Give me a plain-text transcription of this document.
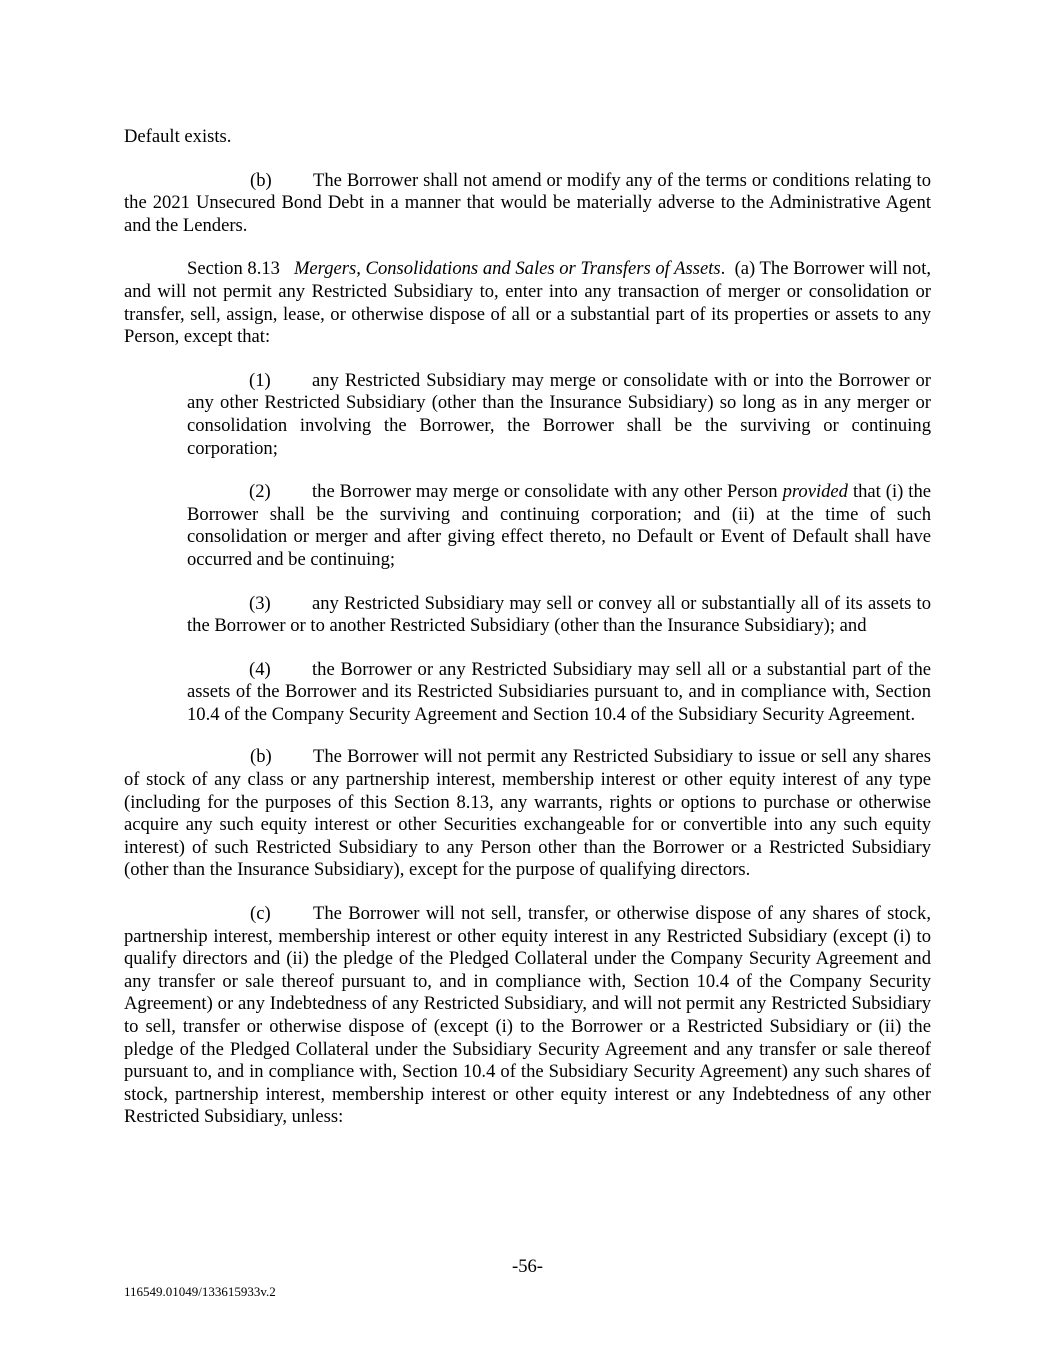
Default exists.

(b) The Borrower shall not amend or modify any of the terms or conditions relating to the 2021 Unsecured Bond Debt in a manner that would be materially adverse to the Administrative Agent and the Lenders.

Section 8.13 Mergers, Consolidations and Sales or Transfers of Assets. (a) The Borrower will not, and will not permit any Restricted Subsidiary to, enter into any transaction of merger or consolidation or transfer, sell, assign, lease, or otherwise dispose of all or a substantial part of its properties or assets to any Person, except that:

(1) any Restricted Subsidiary may merge or consolidate with or into the Borrower or any other Restricted Subsidiary (other than the Insurance Subsidiary) so long as in any merger or consolidation involving the Borrower, the Borrower shall be the surviving or continuing corporation;

(2) the Borrower may merge or consolidate with any other Person provided that (i) the Borrower shall be the surviving and continuing corporation; and (ii) at the time of such consolidation or merger and after giving effect thereto, no Default or Event of Default shall have occurred and be continuing;

(3) any Restricted Subsidiary may sell or convey all or substantially all of its assets to the Borrower or to another Restricted Subsidiary (other than the Insurance Subsidiary); and

(4) the Borrower or any Restricted Subsidiary may sell all or a substantial part of the assets of the Borrower and its Restricted Subsidiaries pursuant to, and in compliance with, Section 10.4 of the Company Security Agreement and Section 10.4 of the Subsidiary Security Agreement.

(b) The Borrower will not permit any Restricted Subsidiary to issue or sell any shares of stock of any class or any partnership interest, membership interest or other equity interest of any type (including for the purposes of this Section 8.13, any warrants, rights or options to purchase or otherwise acquire any such equity interest or other Securities exchangeable for or convertible into any such equity interest) of such Restricted Subsidiary to any Person other than the Borrower or a Restricted Subsidiary (other than the Insurance Subsidiary), except for the purpose of qualifying directors.

(c) The Borrower will not sell, transfer, or otherwise dispose of any shares of stock, partnership interest, membership interest or other equity interest in any Restricted Subsidiary (except (i) to qualify directors and (ii) the pledge of the Pledged Collateral under the Company Security Agreement and any transfer or sale thereof pursuant to, and in compliance with, Section 10.4 of the Company Security Agreement) or any Indebtedness of any Restricted Subsidiary, and will not permit any Restricted Subsidiary to sell, transfer or otherwise dispose of (except (i) to the Borrower or a Restricted Subsidiary or (ii) the pledge of the Pledged Collateral under the Subsidiary Security Agreement and any transfer or sale thereof pursuant to, and in compliance with, Section 10.4 of the Subsidiary Security Agreement) any such shares of stock, partnership interest, membership interest or other equity interest or any Indebtedness of any other Restricted Subsidiary, unless:

-56-
116549.01049/133615933v.2
